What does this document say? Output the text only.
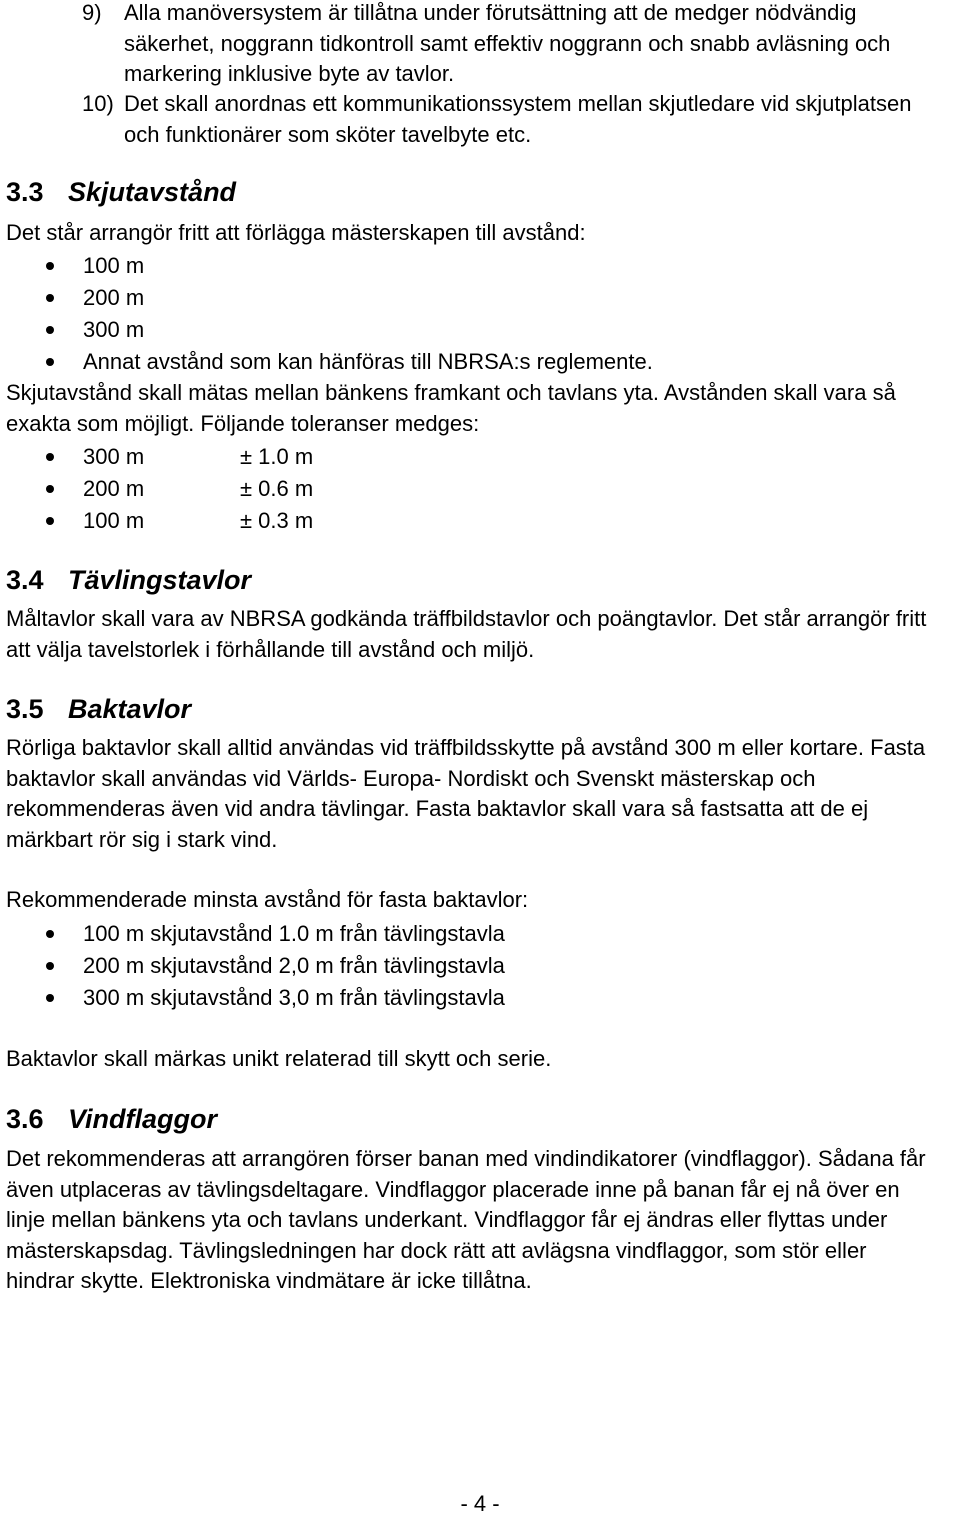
9)	Alla manöversystem är tillåtna under förutsättning att de medger nödvändig säkerhet, noggrann tidkontroll samt effektiv noggrann och snabb avläsning och markering inklusive byte av tavlor.
10) Det skall anordnas ett kommunikationssystem mellan skjutledare vid skjutplatsen och funktionärer som sköter tavelbyte etc.
3.3 Skjutavstånd

Det står arrangör fritt att förlägga mästerskapen till avstånd:

100 m
200 m
300 m
Annat avstånd som kan hänföras till NBRSA:s reglemente.

Skjutavstånd skall mätas mellan bänkens framkant och tavlans yta. Avstånden skall vara så exakta som möjligt. Följande toleranser medges:

300 m	± 1.0 m
200 m	± 0.6 m
100 m	± 0.3 m
3.4 Tävlingstavlor

Måltavlor skall vara av NBRSA godkända träffbildstavlor och poängtavlor. Det står arrangör fritt att välja tavelstorlek i förhållande till avstånd och miljö.

3.5 Baktavlor

Rörliga baktavlor skall alltid användas vid träffbildsskytte på avstånd 300 m eller kortare. Fasta baktavlor skall användas vid Världs- Europa- Nordiskt och Svenskt mästerskap och rekommenderas även vid andra tävlingar. Fasta baktavlor skall vara så fastsatta att de ej märkbart rör sig i stark vind.

Rekommenderade minsta avstånd för fasta baktavlor:

100 m skjutavstånd 1.0 m från tävlingstavla
200 m skjutavstånd 2,0 m från tävlingstavla
300 m skjutavstånd 3,0 m från tävlingstavla

Baktavlor skall märkas unikt relaterad till skytt och serie.

3.6 Vindflaggor

Det rekommenderas att arrangören förser banan med vindindikatorer (vindflaggor). Sådana får även utplaceras av tävlingsdeltagare. Vindflaggor placerade inne på banan får ej nå över en linje mellan bänkens yta och tavlans underkant. Vindflaggor får ej ändras eller flyttas under mästerskapsdag. Tävlingsledningen har dock rätt att avlägsna vindflaggor, som stör eller hindrar skytte. Elektroniska vindmätare är icke tillåtna.

- 4 -
